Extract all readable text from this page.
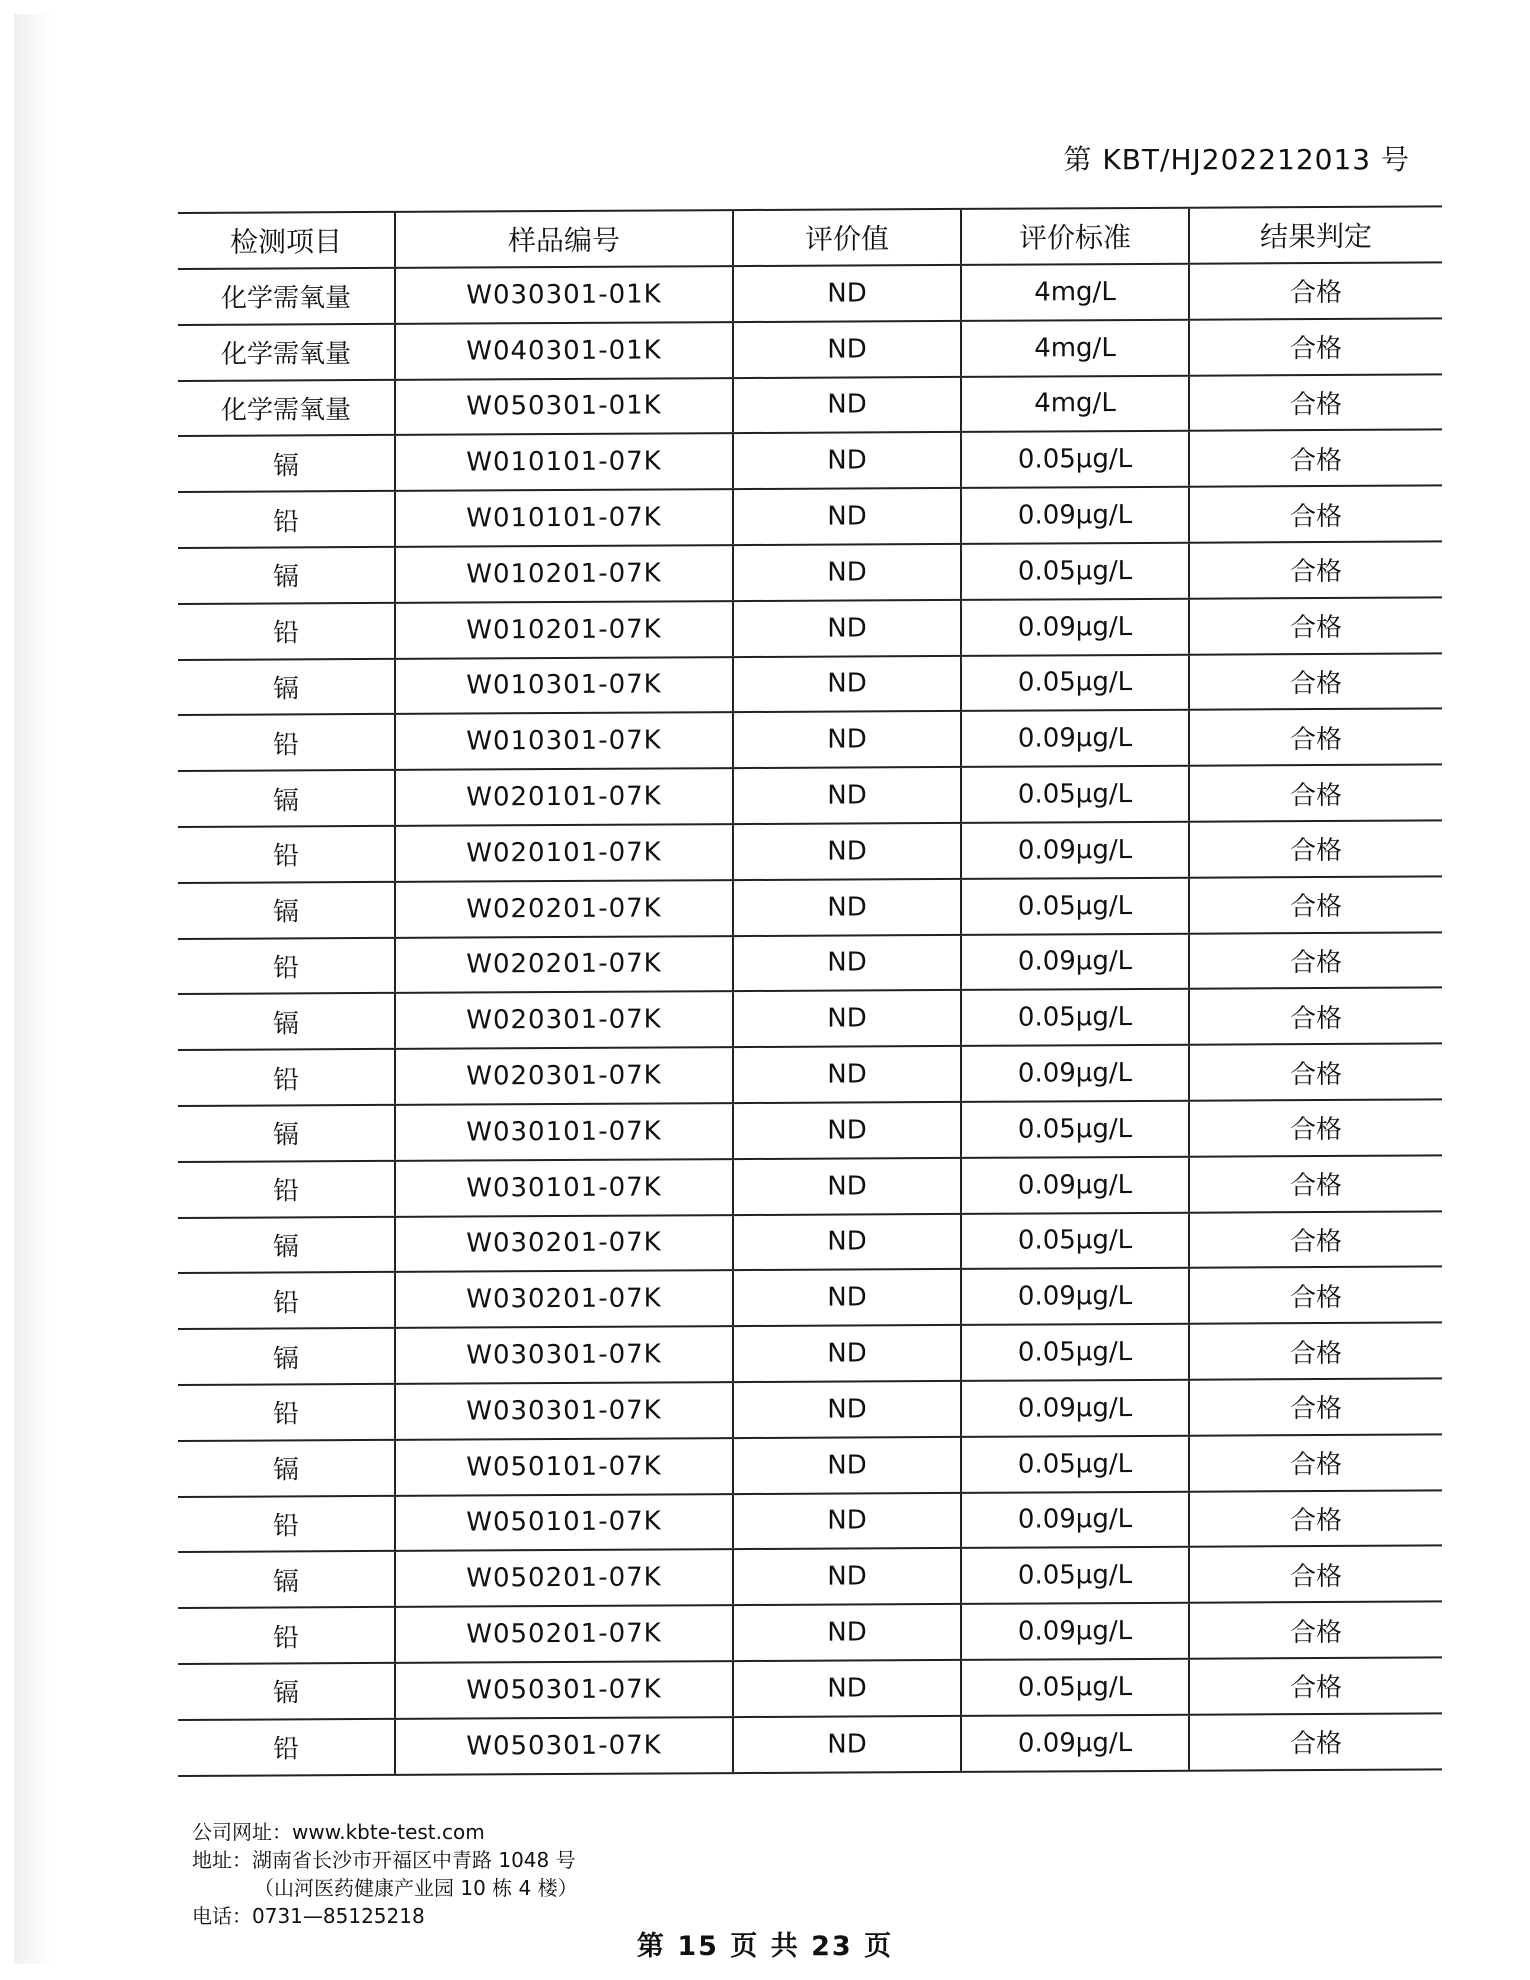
第 KBT/HJ202212013 号
检测项目	样品编号	评价值	评价标准	结果判定
化学需氧量	W030301-01K	ND	4mg/L	合格
化学需氧量	W040301-01K	ND	4mg/L	合格
化学需氧量	W050301-01K	ND	4mg/L	合格
镉	W010101-07K	ND	0.05μg/L	合格
铅	W010101-07K	ND	0.09μg/L	合格
镉	W010201-07K	ND	0.05μg/L	合格
铅	W010201-07K	ND	0.09μg/L	合格
镉	W010301-07K	ND	0.05μg/L	合格
铅	W010301-07K	ND	0.09μg/L	合格
镉	W020101-07K	ND	0.05μg/L	合格
铅	W020101-07K	ND	0.09μg/L	合格
镉	W020201-07K	ND	0.05μg/L	合格
铅	W020201-07K	ND	0.09μg/L	合格
镉	W020301-07K	ND	0.05μg/L	合格
铅	W020301-07K	ND	0.09μg/L	合格
镉	W030101-07K	ND	0.05μg/L	合格
铅	W030101-07K	ND	0.09μg/L	合格
镉	W030201-07K	ND	0.05μg/L	合格
铅	W030201-07K	ND	0.09μg/L	合格
镉	W030301-07K	ND	0.05μg/L	合格
铅	W030301-07K	ND	0.09μg/L	合格
镉	W050101-07K	ND	0.05μg/L	合格
铅	W050101-07K	ND	0.09μg/L	合格
镉	W050201-07K	ND	0.05μg/L	合格
铅	W050201-07K	ND	0.09μg/L	合格
镉	W050301-07K	ND	0.05μg/L	合格
铅	W050301-07K	ND	0.09μg/L	合格
公司网址：www.kbte-test.com
地址：湖南省长沙市开福区中青路 1048 号
（山河医药健康产业园 10 栋 4 楼）
电话：0731—85125218
第 15 页 共 23 页
